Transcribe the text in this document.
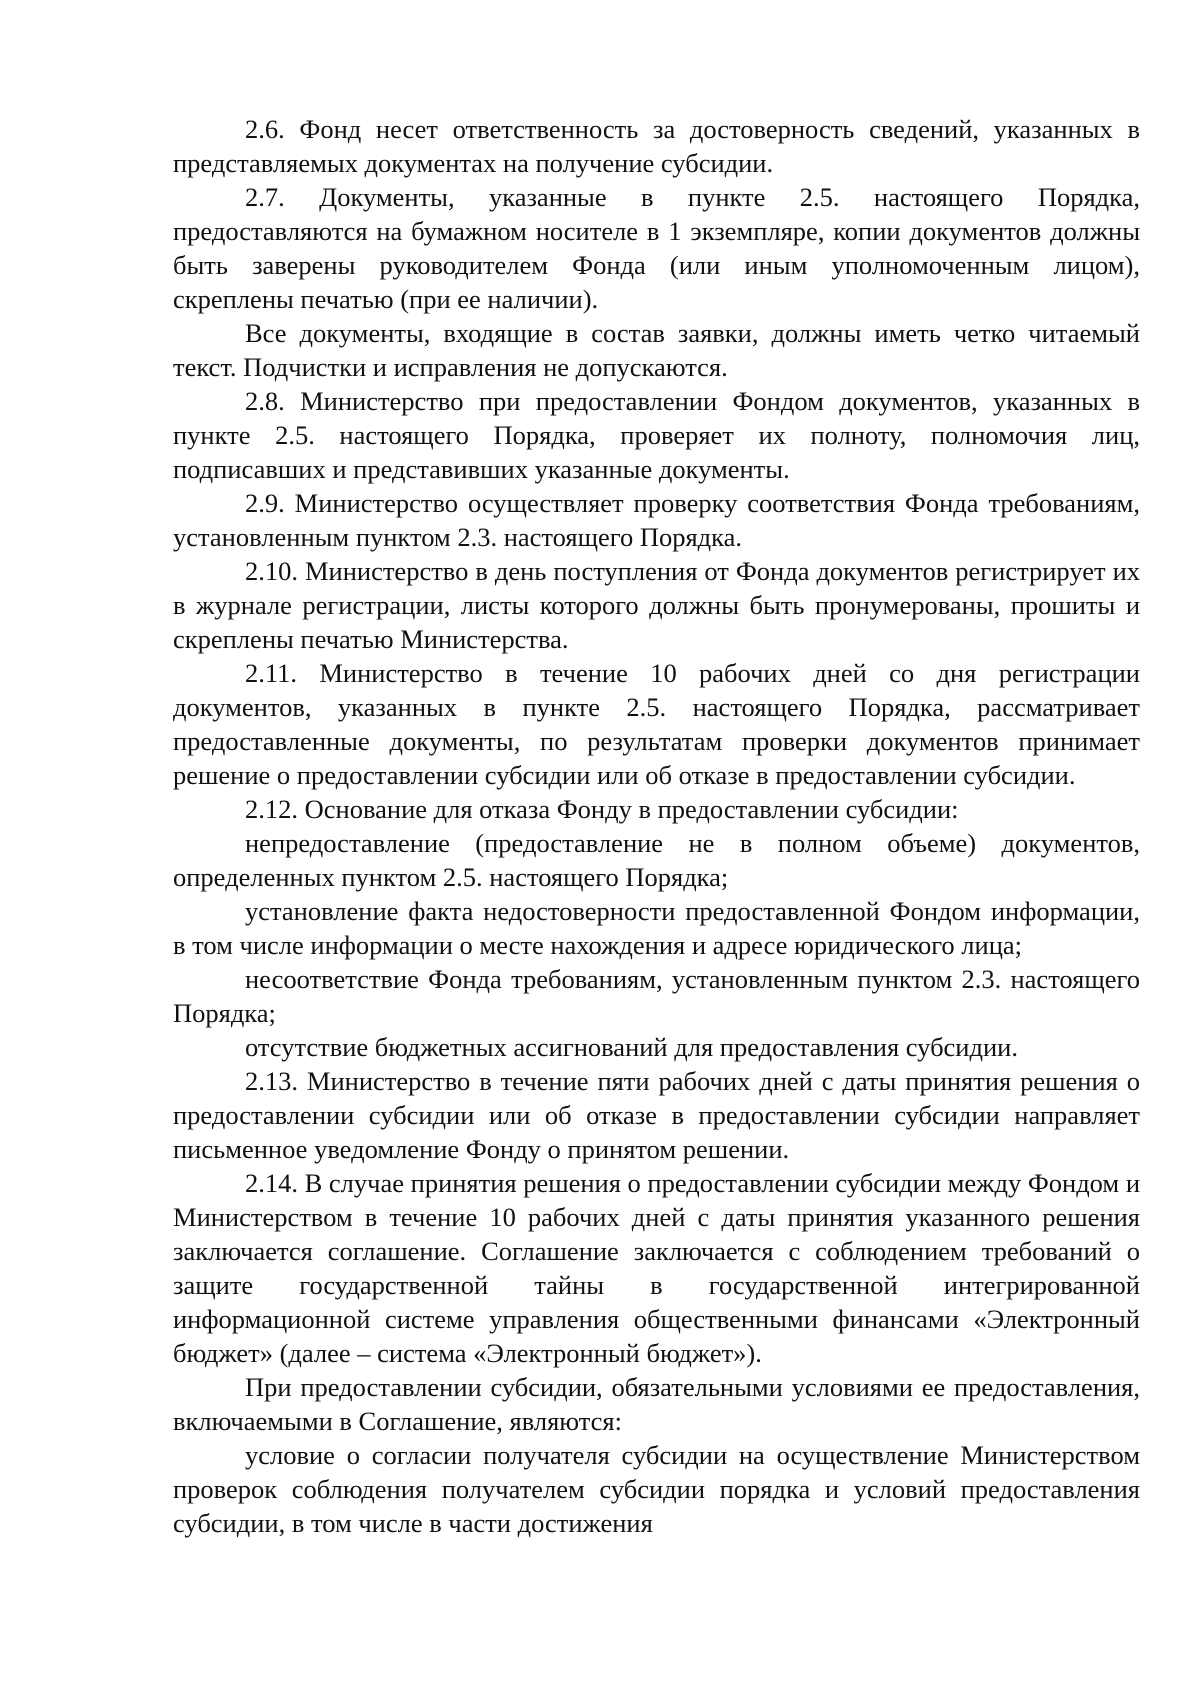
2.6. Фонд несет ответственность за достоверность сведений, указанных в представляемых документах на получение субсидии.

2.7. Документы, указанные в пункте 2.5. настоящего Порядка, предоставляются на бумажном носителе в 1 экземпляре, копии документов должны быть заверены руководителем Фонда (или иным уполномоченным лицом), скреплены печатью (при ее наличии).

Все документы, входящие в состав заявки, должны иметь четко читаемый текст. Подчистки и исправления не допускаются.

2.8. Министерство при предоставлении Фондом документов, указанных в пункте 2.5. настоящего Порядка, проверяет их полноту, полномочия лиц, подписавших и представивших указанные документы.

2.9. Министерство осуществляет проверку соответствия Фонда требованиям, установленным пунктом 2.3. настоящего Порядка.

2.10. Министерство в день поступления от Фонда документов регистрирует их в журнале регистрации, листы которого должны быть пронумерованы, прошиты и скреплены печатью Министерства.

2.11. Министерство в течение 10 рабочих дней со дня регистрации документов, указанных в пункте 2.5. настоящего Порядка, рассматривает предоставленные документы, по результатам проверки документов принимает решение о предоставлении субсидии или об отказе в предоставлении субсидии.

2.12. Основание для отказа Фонду в предоставлении субсидии:

непредоставление (предоставление не в полном объеме) документов, определенных пунктом 2.5. настоящего Порядка;

установление факта недостоверности предоставленной Фондом информации, в том числе информации о месте нахождения и адресе юридического лица;

несоответствие Фонда требованиям, установленным пунктом 2.3. настоящего Порядка;

отсутствие бюджетных ассигнований для предоставления субсидии.

2.13. Министерство в течение пяти рабочих дней с даты принятия решения о предоставлении субсидии или об отказе в предоставлении субсидии направляет письменное уведомление Фонду о принятом решении.

2.14. В случае принятия решения о предоставлении субсидии между Фондом и Министерством в течение 10 рабочих дней с даты принятия указанного решения заключается соглашение. Соглашение заключается с соблюдением требований о защите государственной тайны в государственной интегрированной информационной системе управления общественными финансами «Электронный бюджет» (далее – система «Электронный бюджет»).

При предоставлении субсидии, обязательными условиями ее предоставления, включаемыми в Соглашение, являются:

условие о согласии получателя субсидии на осуществление Министерством проверок соблюдения получателем субсидии порядка и условий предоставления субсидии, в том числе в части достижения
